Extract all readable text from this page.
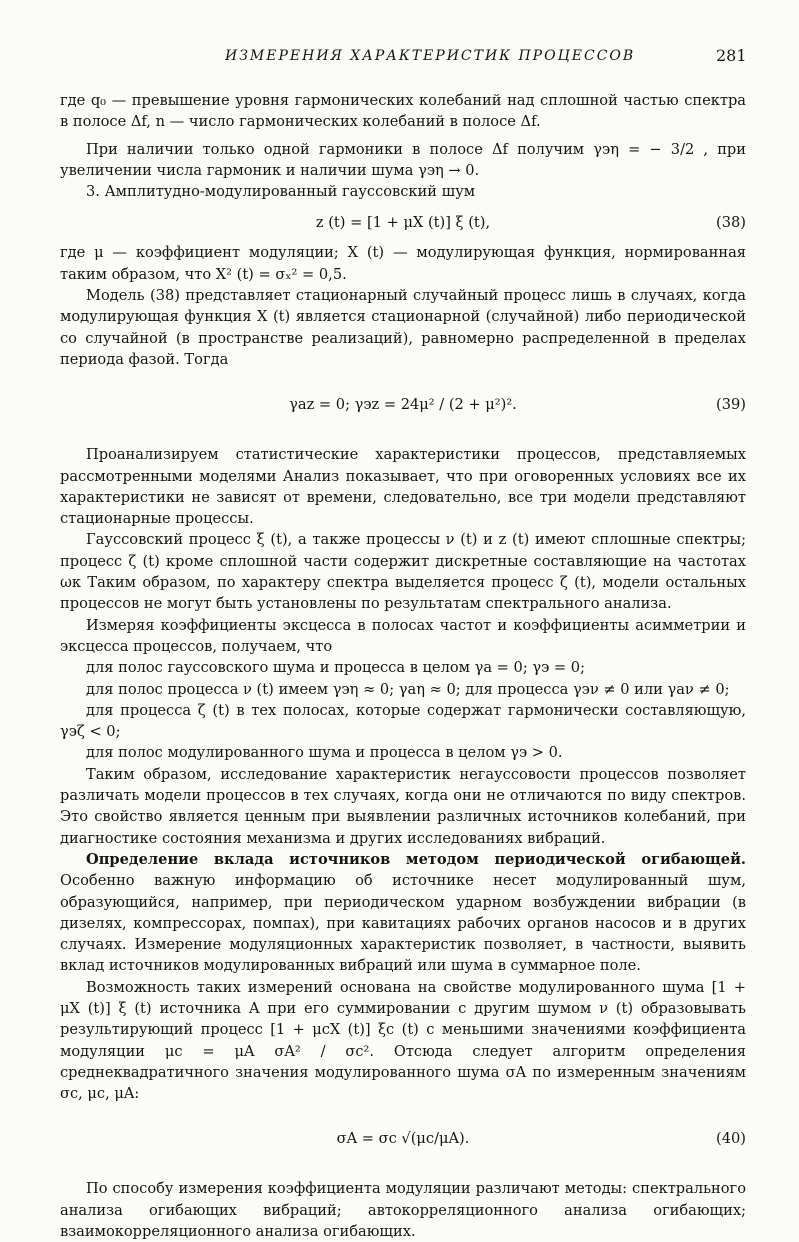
ИЗМЕРЕНИЯ ХАРАКТЕРИСТИК ПРОЦЕССОВ	281

где q₀ — превышение уровня гармонических колебаний над сплошной частью спектра в полосе Δf, n — число гармонических колебаний в полосе Δf.

При наличии только одной гармоники в полосе Δf получим γэη = − 3/2 , при увеличении числа гармоник и наличии шума γэη → 0.

3. Амплитудно-модулированный гауссовский шум

z (t) = [1 + μX (t)] ξ (t),	(38)

где μ — коэффициент модуляции; X (t) — модулирующая функция, нормированная таким образом, что X² (t) = σₓ² = 0,5.

Модель (38) представляет стационарный случайный процесс лишь в случаях, когда модулирующая функция X (t) является стационарной (случайной) либо периодической со случайной (в пространстве реализаций), равномерно распределенной в пределах периода фазой. Тогда

γaz = 0; γэz = 24μ² / (2 + μ²)².	(39)

Проанализируем статистические характеристики процессов, представляемых рассмотренными моделями Анализ показывает, что при оговоренных условиях все их характеристики не зависят от времени, следовательно, все три модели представляют стационарные процессы.

Гауссовский процесс ξ (t), а также процессы ν (t) и z (t) имеют сплошные спектры; процесс ζ (t) кроме сплошной части содержит дискретные составляющие на частотах ωк Таким образом, по характеру спектра выделяется процесс ζ (t), модели остальных процессов не могут быть установлены по результатам спектрального анализа.

Измеряя коэффициенты эксцесса в полосах частот и коэффициенты асимметрии и эксцесса процессов, получаем, что

для полос гауссовского шума и процесса в целом γa = 0; γэ = 0;

для полос процесса ν (t) имеем γэη ≈ 0; γaη ≈ 0; для процесса γэν ≠ 0 или γaν ≠ 0;

для процесса ζ (t) в тех полосах, которые содержат гармонически составляющую, γэζ < 0;

для полос модулированного шума и процесса в целом γэ > 0.

Таким образом, исследование характеристик негауссовости процессов позволяет различать модели процессов в тех случаях, когда они не отличаются по виду спектров. Это свойство является ценным при выявлении различных источников колебаний, при диагностике состояния механизма и других исследованиях вибраций.

Определение вклада источников методом периодической огибающей. Особенно важную информацию об источнике несет модулированный шум, образующийся, например, при периодическом ударном возбуждении вибрации (в дизелях, компрессорах, помпах), при кавитациях рабочих органов насосов и в других случаях. Измерение модуляционных характеристик позволяет, в частности, выявить вклад источников модулированных вибраций или шума в суммарное поле.

Возможность таких измерений основана на свойстве модулированного шума [1 + μX (t)] ξ (t) источника A при его суммировании с другим шумом ν (t) образовывать результирующий процесс [1 + μcX (t)] ξc (t) с меньшими значениями коэффициента модуляции μc = μA σA² / σc². Отсюда следует алгоритм определения среднеквадратичного значения модулированного шума σA по измеренным значениям σc, μc, μA:

σA = σc √(μc/μA).	(40)

По способу измерения коэффициента модуляции различают методы: спектрального анализа огибающих вибраций; автокорреляционного анализа огибающих; взаимокорреляционного анализа огибающих.
